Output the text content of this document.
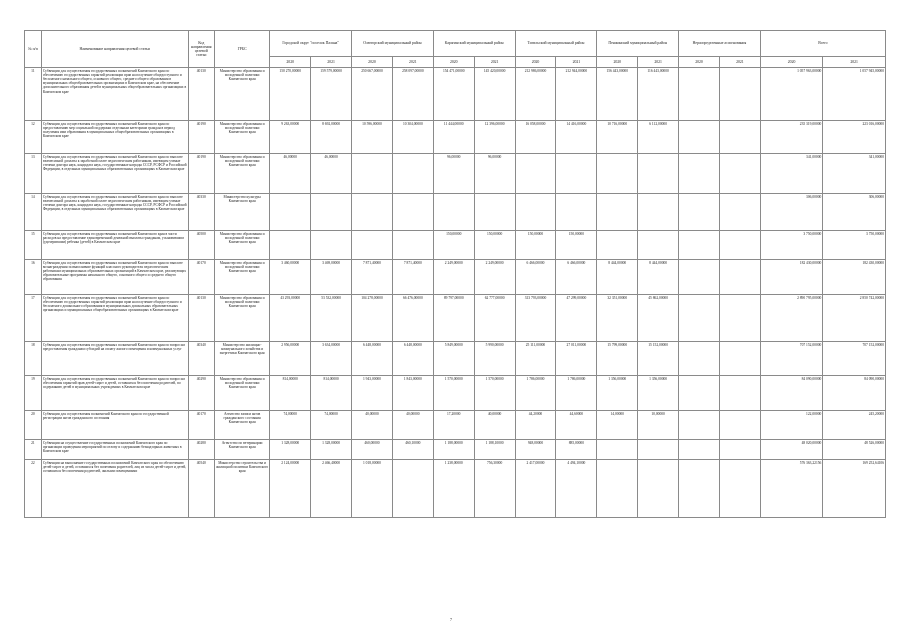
№ п/п	Наименование направления целевой статьи	Код направления целевой статьи	ГРБС	Городской округ "поселок Палана"		Олюторский муниципальный район		Карагинский муниципальный район		Тигильский муниципальный район		Пенжинский муниципальный район		Нераспределенные ассигнования		Всего	
				2020	2021	2020	2021	2020	2021	2020	2021	2020	2021	2020	2021	2020	2021
11	Субвенции для осуществления государственных полномочий Камчатского края по обеспечению государственных гарантий реализации прав на получение общедоступного и бесплатного начального общего, основного общего, среднего общего образования в муниципальных общеобразовательных организациях в Камчатском крае, на обеспечение дополнительного образования детей в муниципальных общеобразовательных организациях в Камчатском крае	40130	Министерство образования и молодежной политики Камчатского края	150 270,00000	159 579,00000	250 667,00000	258 097,00000	154 471,00000	145 420,00000	212 986,00000	212 944,00000	156 443,00000	116 443,00000			1 057 963,00000	1 057 945,00000
12	Субвенции для осуществления государственных полномочий Камчатского края по предоставлению мер социальной поддержки отдельным категориям граждан в период получения ими образования в муниципальных общеобразовательных организациях в Камчатском крае	40190	Министерство образования и молодежной политики Камчатского края	9 263,00000	8 692,00000	10 596,00000	10 304,00000	11 444,00000	12 396,00000	16 058,00000	14 416,00000	10 716,00000	6 112,00000			235 319,00000	223 016,00000
13	Субвенции для осуществления государственных полномочий Камчатского края по выплате ежемесячной доплаты к заработной плате педагогическим работникам, имеющим ученые степени доктора наук, кандидата наук, государственные награды СССР, РСФСР и Российской Федерации, в отдельных муниципальных образовательных организациях в Камчатском крае	40190	Министерство образования и молодежной политики Камчатского края	46,00000	46,00000			96,00000	96,00000							341,00000	341,00000
14	Субвенции для осуществления государственных полномочий Камчатского края по выплате ежемесячной доплаты к заработной плате педагогическим работникам, имеющим ученые степени доктора наук, кандидата наук, государственные награды СССР, РСФСР и Российской Федерации, в отдельных муниципальных образовательных организациях в Камчатском крае	40330	Министерство культуры Камчатского края													306,00000	306,00000
15	Субвенции для осуществления государственных полномочий Камчатского края в части расходов на предоставление единовременной денежной выплаты гражданам, усыновившим (удочерившим) ребенка (детей) в Камчатском крае	40500	Министерство образования и молодежной политики Камчатского края					150,00000	150,00000	150,00000	150,00000					3 750,00000	3 750,00000
16	Субвенции для осуществления государственных полномочий Камчатского края по выплате вознаграждения за выполнение функций классного руководителя педагогическим работникам муниципальных образовательных организаций в Камчатском крае, реализующих образовательные программы начального общего, основного общего и среднего общего образования	40170	Министерство образования и молодежной политики Камчатского края	3 460,00000	3 469,00000	7 871,40000	7 871,40000	2 249,00000	2 249,00000	6 466,00000	6 466,00000	8 444,00000	8 444,00000			182 430,00000	182 430,00000
17	Субвенции для осуществления государственных полномочий Камчатского края по обеспечению государственных гарантий реализации прав на получение общедоступного и бесплатного дошкольного образования в муниципальных дошкольных образовательных организациях и муниципальных общеобразовательных организациях в Камчатском крае	40130	Министерство образования и молодежной политики Камчатского края	43 293,00000	53 532,00000	104 278,00000	66 476,00000	89 797,00000	62 777,00000	313 793,00000	47 299,00000	32 351,00000	45 862,00000			2 890 795,00000	2 850 742,00000
18	Субвенции для осуществления государственных полномочий Камчатского края по вопросам предоставления гражданам субсидий на оплату жилого помещения и коммунальных услуг	40340	Министерство жилищно-коммунального хозяйства и энергетики Камчатского края	2 956,00000	3 634,00000	6 448,00000	6 448,00000	5 849,00000	5 990,00000	25 111,00000	27 011,00000	15 799,00000	15 152,00000			707 152,00000	707 152,00000
19	Субвенции для осуществления государственных полномочий Камчатского края по вопросам обеспечения гарантий прав детей-сирот и детей, оставшихся без попечения родителей, по содержанию детей в муниципальных учреждениях в Камчатском крае	40290	Министерство образования и молодежной политики Камчатского края	814,00000	814,00000	1 943,00000	1 843,00000	1 570,00000	1 570,00000	1 786,00000	1 786,00000	1 356,00000	1 356,00000			84 090,00000	84 090,00000
20	Субвенции для осуществления полномочий Камчатского края по государственной регистрации актов гражданского состояния	40170	Агентство записи актов гражданского состояния Камчатского края	74,00000	74,00000	40,00000	40,00000	17,20000	40,00000	44,20000	44,60000	14,00000	10,00000			122,00000	245,20000
21	Субвенции на осуществление государственных полномочий Камчатского края по организации проведения мероприятий по отлову и содержанию безнадзорных животных в Камчатском крае	40280	Агентство по ветеринарии Камчатского края	1 328,00000	1 328,00000	460,00000	460,10000	1 188,00000	1 188,10000	948,00000	885,00000					48 020,00000	48 526,00000
22	Субвенции на выполнение государственных полномочий Камчатского края по обеспечению детей-сирот и детей, оставшихся без попечения родителей, лиц из числа детей-сирот и детей, оставшихся без попечения родителей, жилыми помещениями	40540	Министерство строительства и жилищной политики Камчатского края	2 124,00000	2 466,40000	1 018,00000		1 238,00000	756,30000	2 417,00000	4 494,10000					576 363,22156	169 252,64106
7
